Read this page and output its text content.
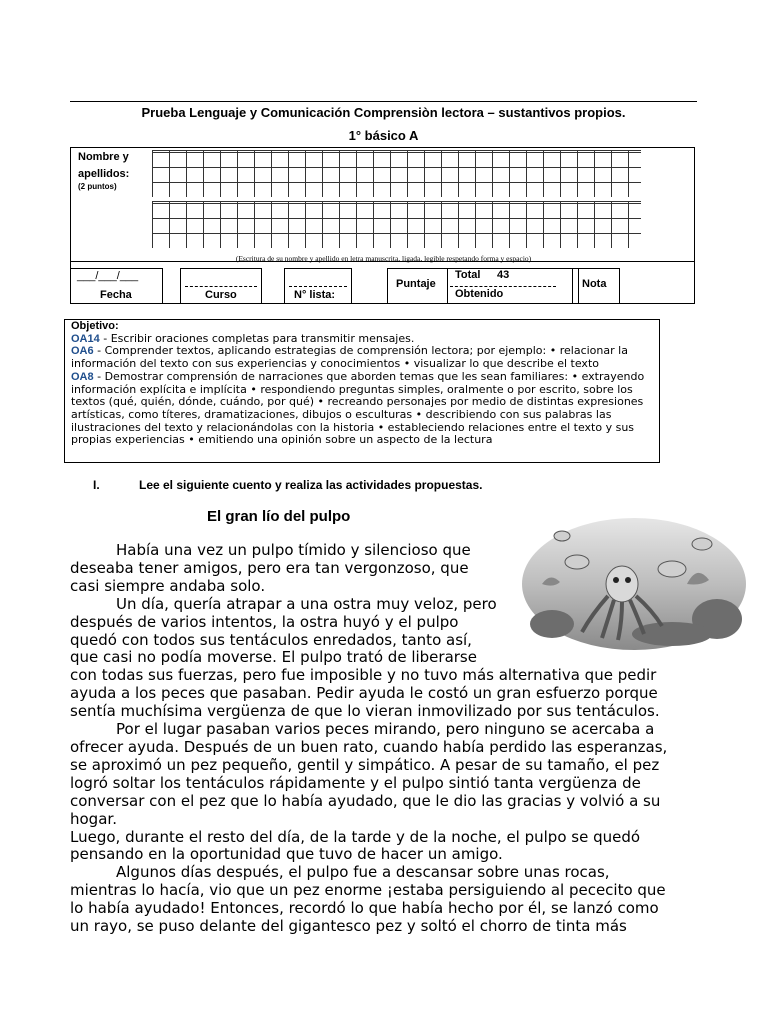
Prueba Lenguaje y Comunicación Comprensiòn lectora – sustantivos propios.
1° básico A
Nombre y
apellidos:
(2 puntos)
(Escritura de su nombre y apellido en letra manuscrita, ligada, legible respetando forma y espacio)
___/___/___
Fecha	Curso	N° lista:
Puntaje
Total 43
Obtenido
Nota
Objetivo:
OA14 - Escribir oraciones completas para transmitir mensajes.
OA6 - Comprender textos, aplicando estrategias de comprensión lectora; por ejemplo: • relacionar la
información del texto con sus experiencias y conocimientos • visualizar lo que describe el texto
OA8 - Demostrar comprensión de narraciones que aborden temas que les sean familiares: • extrayendo
información explícita e implícita • respondiendo preguntas simples, oralmente o por escrito, sobre los
textos (qué, quién, dónde, cuándo, por qué) • recreando personajes por medio de distintas expresiones
artísticas, como títeres, dramatizaciones, dibujos o esculturas • describiendo con sus palabras las
ilustraciones del texto y relacionándolas con la historia • estableciendo relaciones entre el texto y sus
propias experiencias • emitiendo una opinión sobre un aspecto de la lectura
I.	Lee el siguiente cuento y realiza las actividades propuestas.
El gran lío del pulpo

Había una vez un pulpo tímido y silencioso que

deseaba tener amigos, pero era tan vergonzoso, que

casi siempre andaba solo.

Un día, quería atrapar a una ostra muy veloz, pero

después de varios intentos, la ostra huyó y el pulpo

quedó con todos sus tentáculos enredados, tanto así,

que casi no podía moverse. El pulpo trató de liberarse

con todas sus fuerzas, pero fue imposible y no tuvo más alternativa que pedir

ayuda a los peces que pasaban. Pedir ayuda le costó un gran esfuerzo porque

sentía muchísima vergüenza de que lo vieran inmovilizado por sus tentáculos.

Por el lugar pasaban varios peces mirando, pero ninguno se acercaba a

ofrecer ayuda. Después de un buen rato, cuando había perdido las esperanzas,

se aproximó un pez pequeño, gentil y simpático. A pesar de su tamaño, el pez

logró soltar los tentáculos rápidamente y el pulpo sintió tanta vergüenza de

conversar con el pez que lo había ayudado, que le dio las gracias y volvió a su

hogar.

Luego, durante el resto del día, de la tarde y de la noche, el pulpo se quedó

pensando en la oportunidad que tuvo de hacer un amigo.

Algunos días después, el pulpo fue a descansar sobre unas rocas,

mientras lo hacía, vio que un pez enorme ¡estaba persiguiendo al pececito que

lo había ayudado! Entonces, recordó lo que había hecho por él, se lanzó como

un rayo, se puso delante del gigantesco pez y soltó el chorro de tinta más
